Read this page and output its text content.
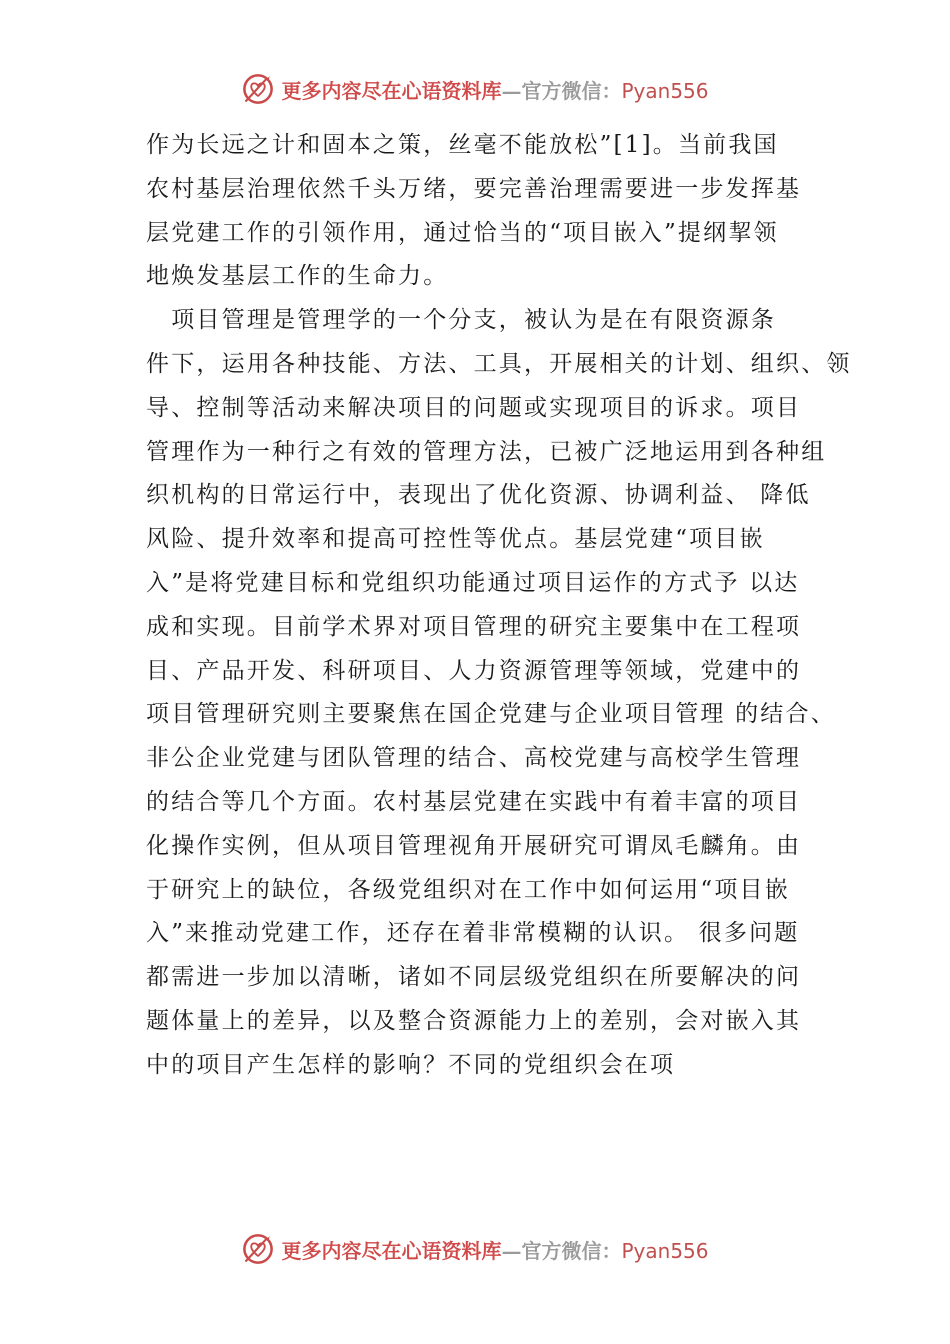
更多内容尽在心语资料库—官方微信：Pyan556
作为长远之计和固本之策，丝毫不能放松”[1]。当前我国
农村基层治理依然千头万绪，要完善治理需要进一步发挥基
层党建工作的引领作用，通过恰当的“项目嵌入”提纲挈领
地焕发基层工作的生命力。
　项目管理是管理学的一个分支，被认为是在有限资源条
件下，运用各种技能、方法、工具，开展相关的计划、组织、领
导、控制等活动来解决项目的问题或实现项目的诉求。项目
管理作为一种行之有效的管理方法，已被广泛地运用到各种组
织机构的日常运行中，表现出了优化资源、协调利益、 降低
风险、提升效率和提高可控性等优点。基层党建“项目嵌
入”是将党建目标和党组织功能通过项目运作的方式予 以达
成和实现。目前学术界对项目管理的研究主要集中在工程项
目、产品开发、科研项目、人力资源管理等领域，党建中的
项目管理研究则主要聚焦在国企党建与企业项目管理 的结合、
非公企业党建与团队管理的结合、高校党建与高校学生管理
的结合等几个方面。农村基层党建在实践中有着丰富的项目
化操作实例，但从项目管理视角开展研究可谓凤毛麟角。由
于研究上的缺位，各级党组织对在工作中如何运用“项目嵌
入”来推动党建工作，还存在着非常模糊的认识。 很多问题
都需进一步加以清晰，诸如不同层级党组织在所要解决的问
题体量上的差异，以及整合资源能力上的差别，会对嵌入其
中的项目产生怎样的影响？不同的党组织会在项
更多内容尽在心语资料库—官方微信：Pyan556
